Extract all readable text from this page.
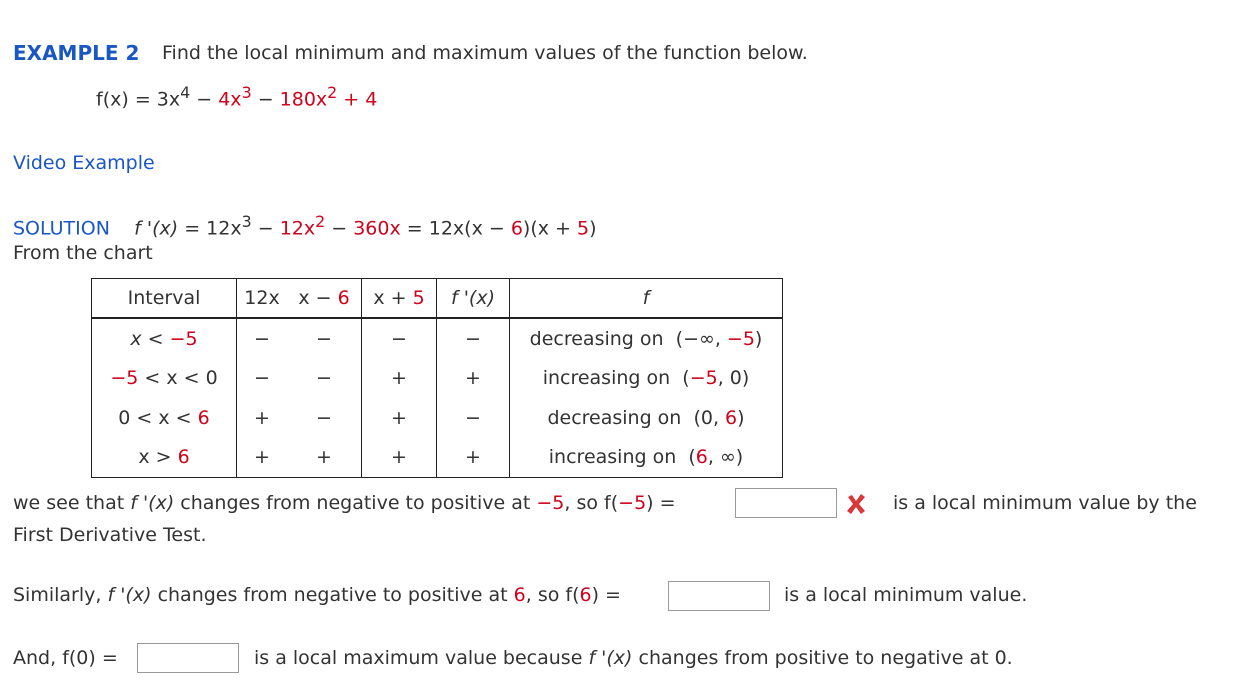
EXAMPLE 2 Find the local minimum and maximum values of the function below.
$f(x) = 3x^4 - 4x^3 - 180x^2 + 4$
Video Example
SOLUTION f '$(x) = 12x^3 - 12x^2 - 360x = 12x(x - 6)(x + 5)$
From the chart
Interval	12x	x − 6	x + 5	f '(x)	f
x < −5	−	−	−	−	decreasing on (−∞, −5)
−5 < x < 0	−	−	+	+	increasing on (−5, 0)
0 < x < 6	+	−	+	−	decreasing on (0, 6)
x > 6	+	+	+	+	increasing on (6, ∞)
we see that f '(x) changes from negative to positive at −5, so f(−5) =	is a local minimum value by the
First Derivative Test.
Similarly, f '(x) changes from negative to positive at 6, so f(6) =	is a local minimum value.
And, f(0) =	is a local maximum value because f '(x) changes from positive to negative at 0.
